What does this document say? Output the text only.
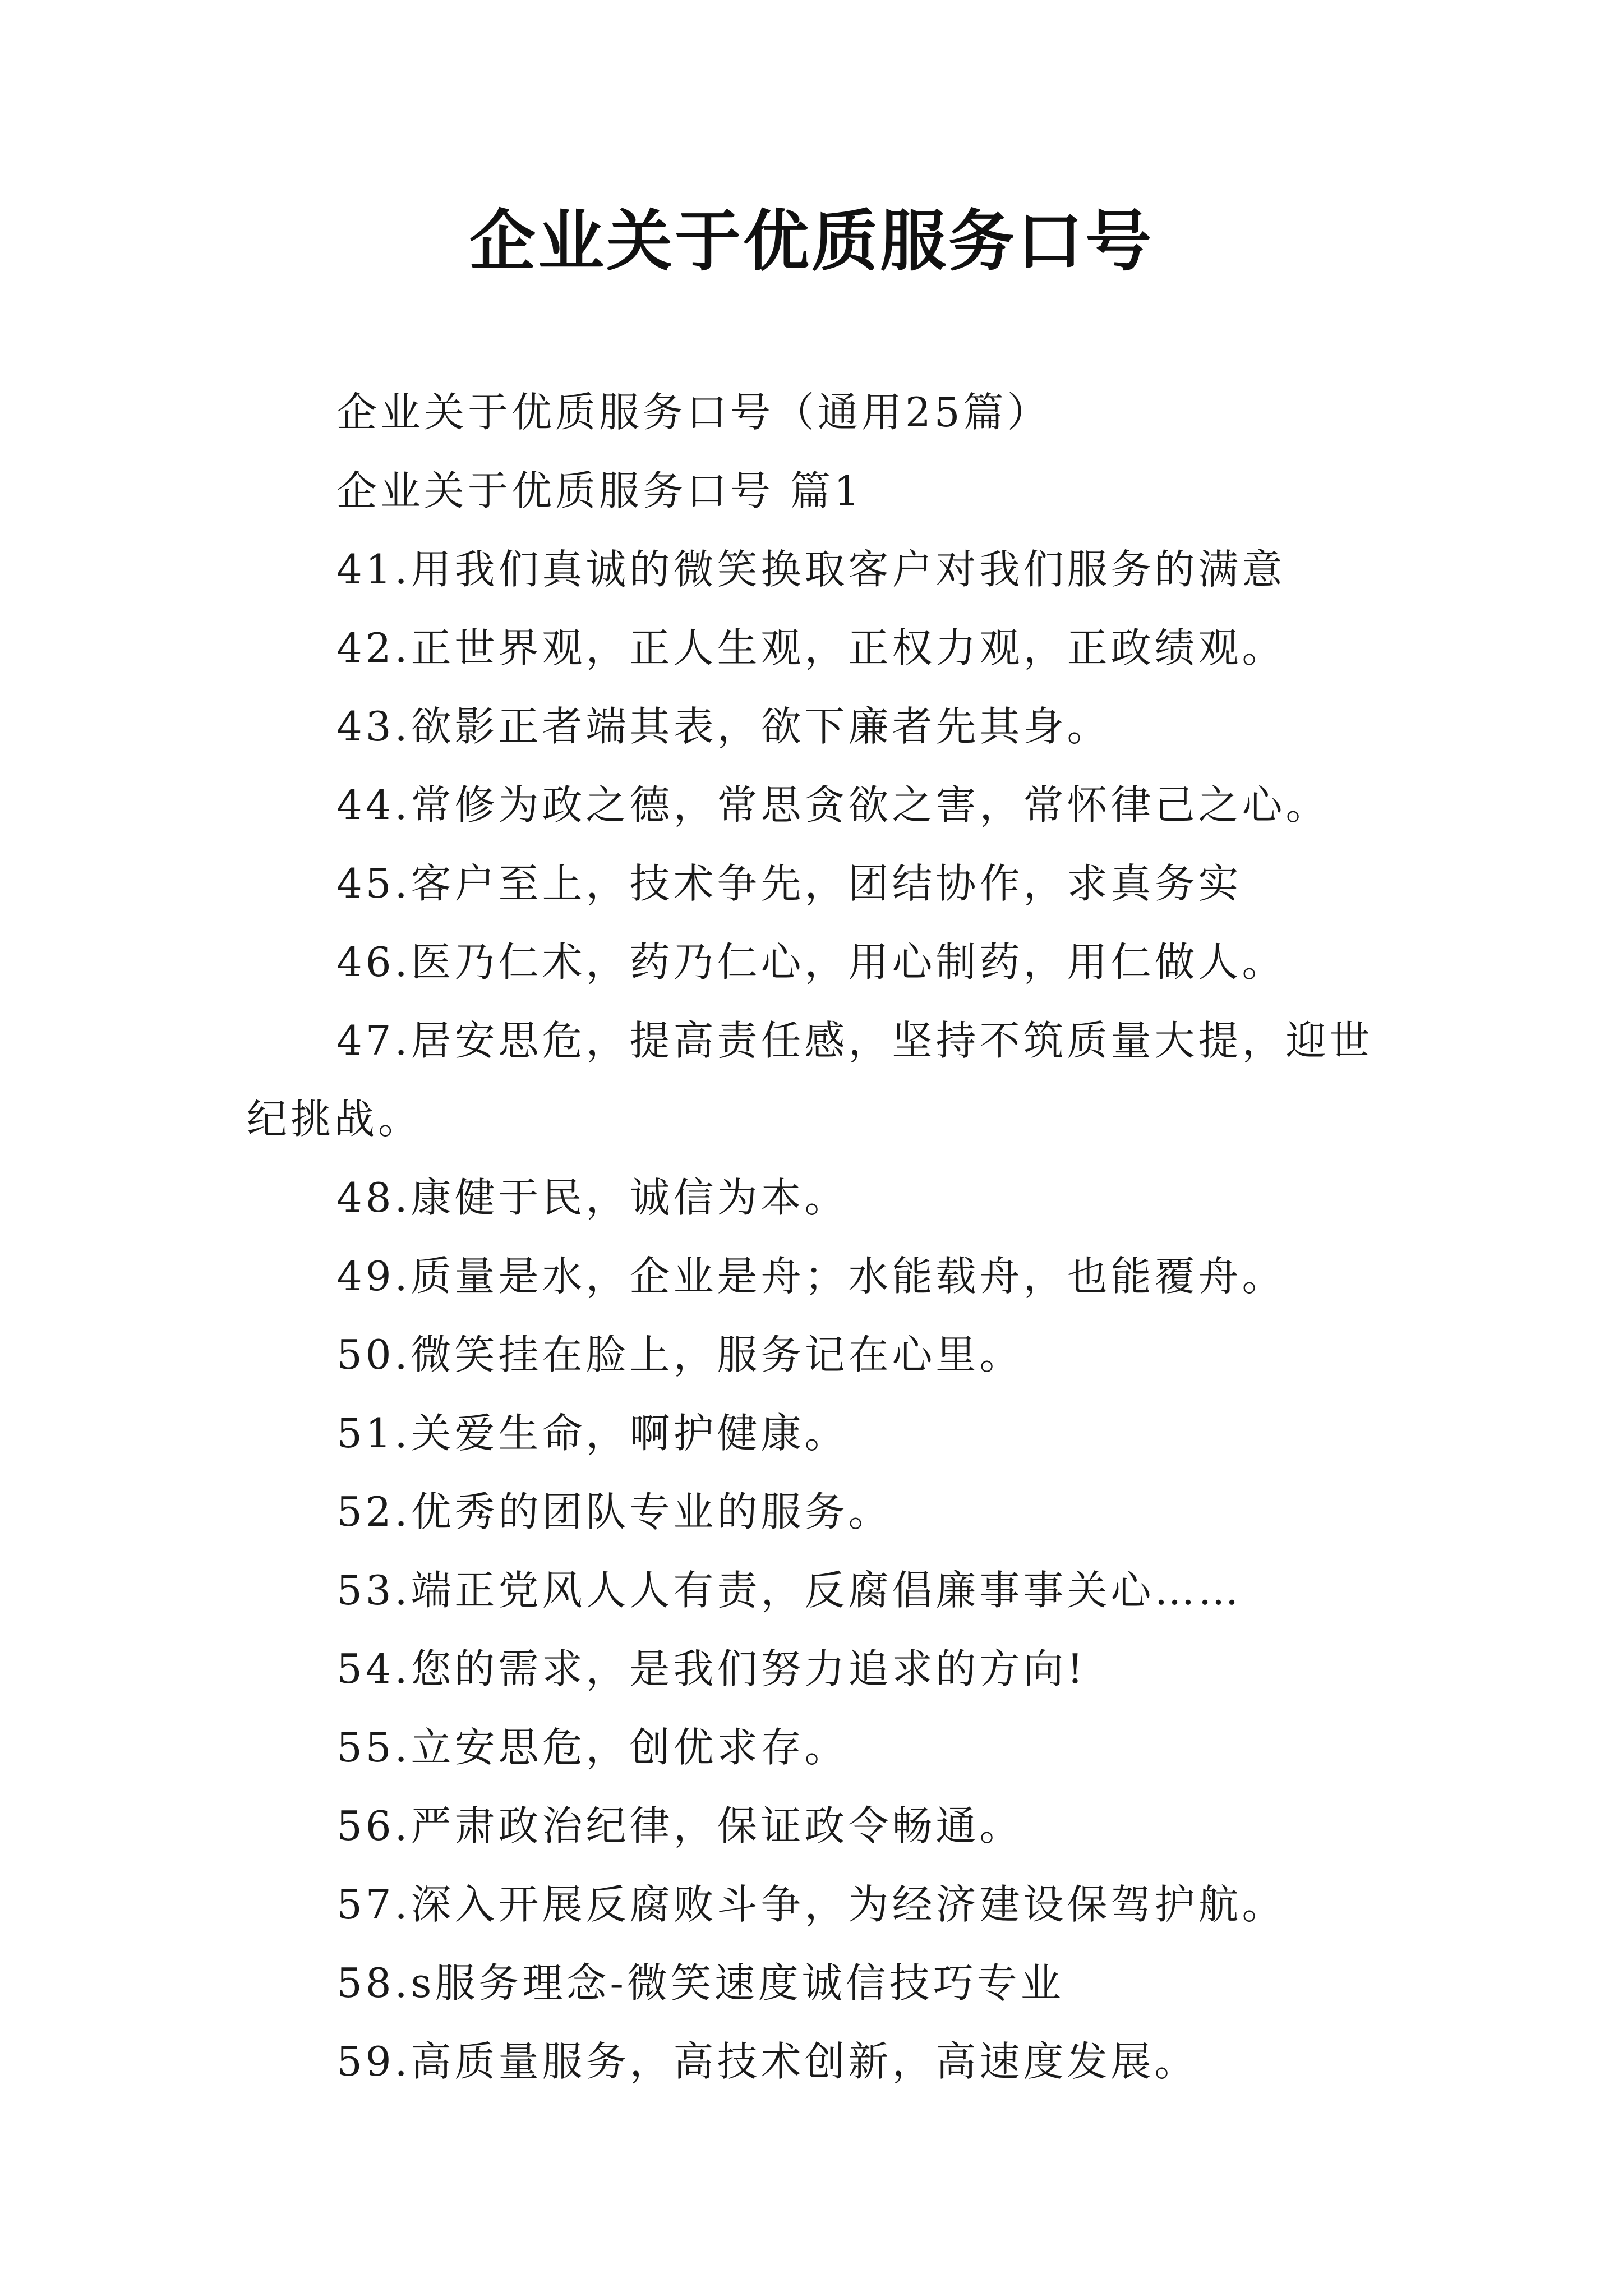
企业关于优质服务口号

企业关于优质服务口号（通用25篇）

企业关于优质服务口号 篇1

41.用我们真诚的微笑换取客户对我们服务的满意

42.正世界观，正人生观，正权力观，正政绩观。

43.欲影正者端其表，欲下廉者先其身。

44.常修为政之德，常思贪欲之害，常怀律己之心。

45.客户至上，技术争先，团结协作，求真务实

46.医乃仁术，药乃仁心，用心制药，用仁做人。

47.居安思危，提高责任感，坚持不筑质量大提，迎世纪挑战。

48.康健于民，诚信为本。

49.质量是水，企业是舟；水能载舟，也能覆舟。

50.微笑挂在脸上，服务记在心里。

51.关爱生命，啊护健康。

52.优秀的团队专业的服务。

53.端正党风人人有责，反腐倡廉事事关心……

54.您的需求，是我们努力追求的方向!

55.立安思危，创优求存。

56.严肃政治纪律，保证政令畅通。

57.深入开展反腐败斗争，为经济建设保驾护航。

58.s服务理念-微笑速度诚信技巧专业

59.高质量服务，高技术创新，高速度发展。
